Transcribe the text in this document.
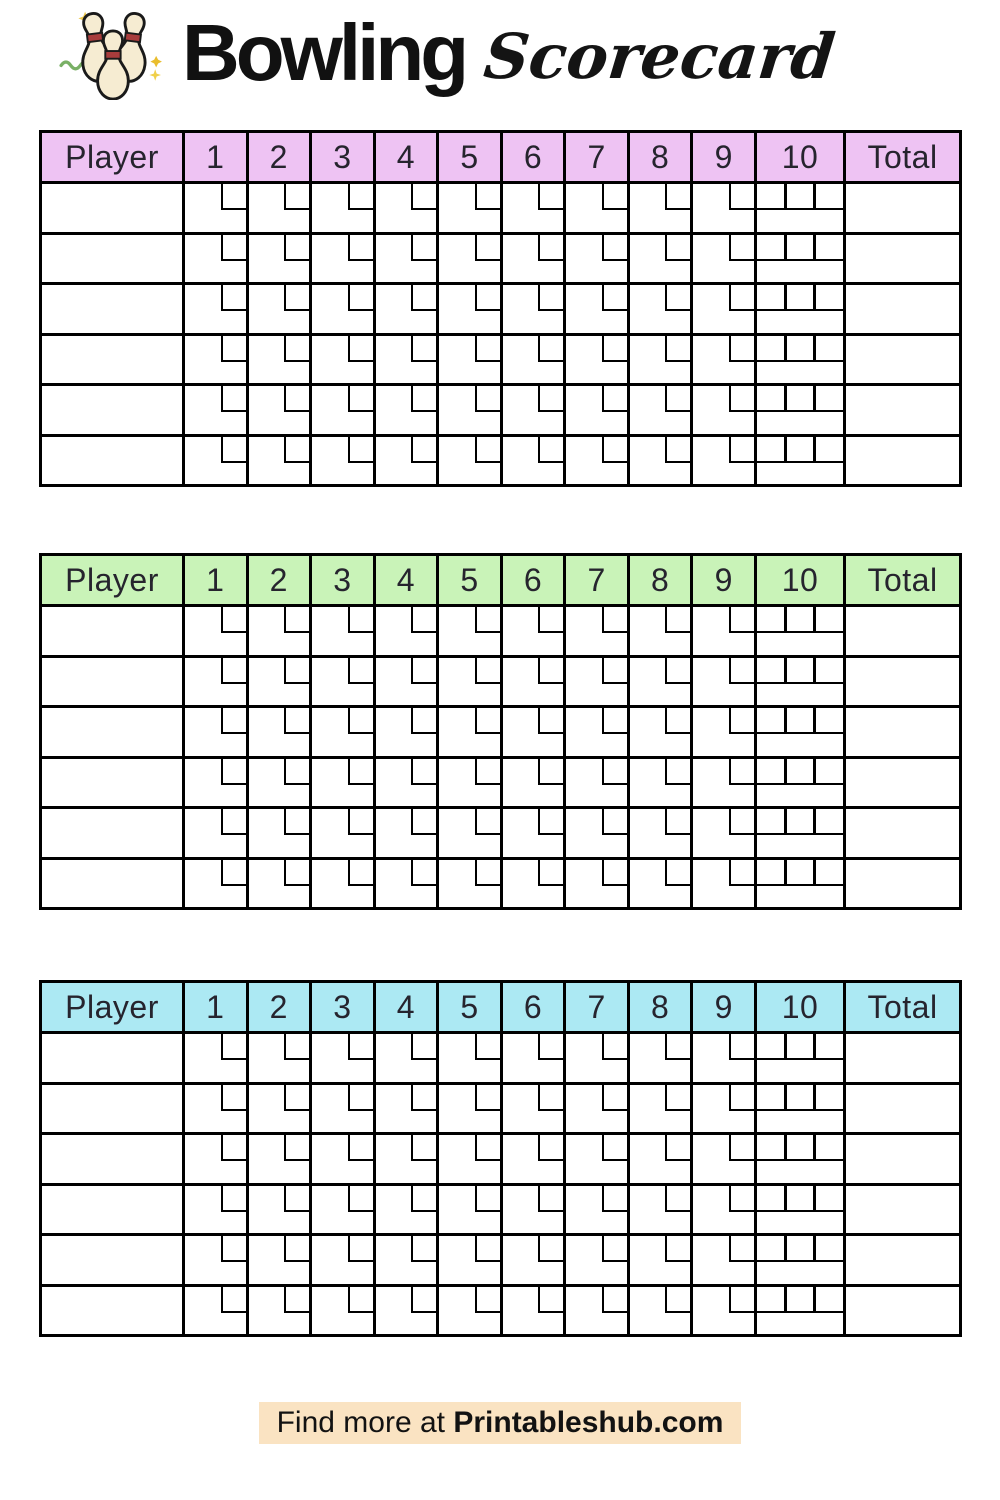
Bowling Scorecard
Player	1	2	3	4	5	6	7	8	9	10	Total
Player	1	2	3	4	5	6	7	8	9	10	Total
Player	1	2	3	4	5	6	7	8	9	10	Total
Find more at Printableshub.com
